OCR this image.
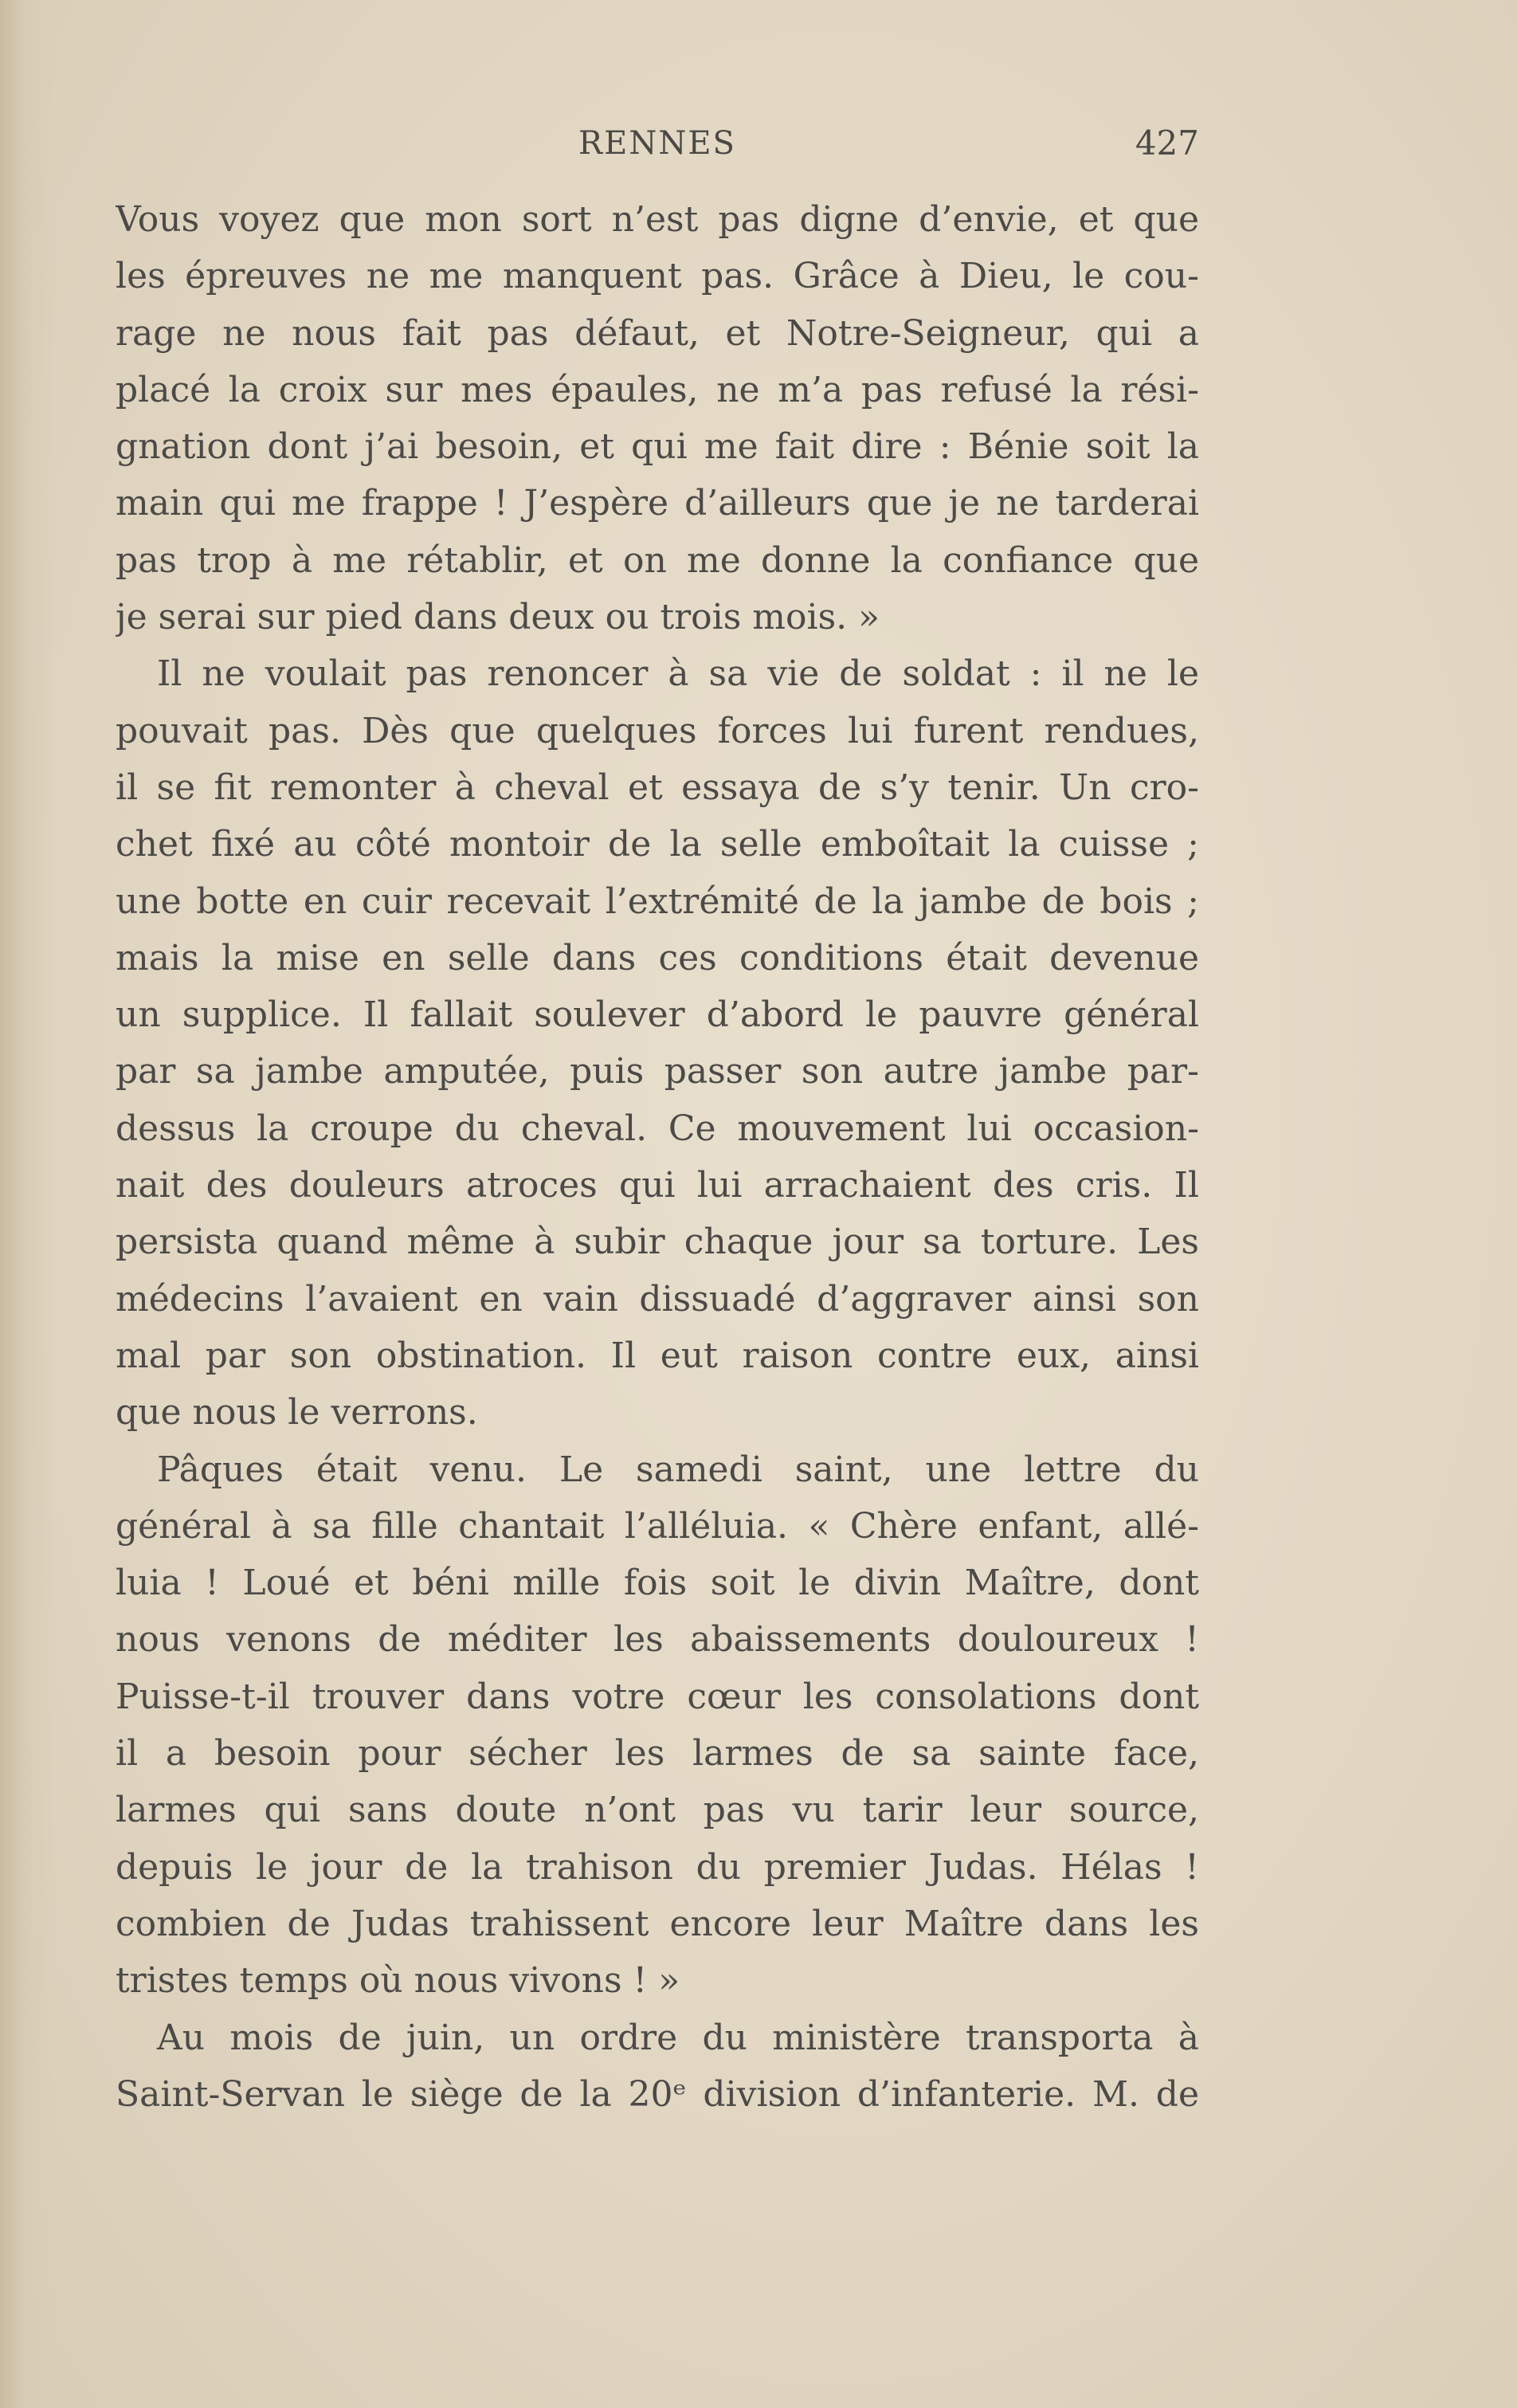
RENNES	427
Vous voyez que mon sort n’est pas digne d’envie, et que
les épreuves ne me manquent pas. Grâce à Dieu, le cou-
rage ne nous fait pas défaut, et Notre-Seigneur, qui a
placé la croix sur mes épaules, ne m’a pas refusé la rési-
gnation dont j’ai besoin, et qui me fait dire : Bénie soit la
main qui me frappe ! J’espère d’ailleurs que je ne tarderai
pas trop à me rétablir, et on me donne la confiance que
je serai sur pied dans deux ou trois mois. »
Il ne voulait pas renoncer à sa vie de soldat : il ne le
pouvait pas. Dès que quelques forces lui furent rendues,
il se fit remonter à cheval et essaya de s’y tenir. Un cro-
chet fixé au côté montoir de la selle emboîtait la cuisse ;
une botte en cuir recevait l’extrémité de la jambe de bois ;
mais la mise en selle dans ces conditions était devenue
un supplice. Il fallait soulever d’abord le pauvre général
par sa jambe amputée, puis passer son autre jambe par-
dessus la croupe du cheval. Ce mouvement lui occasion-
nait des douleurs atroces qui lui arrachaient des cris. Il
persista quand même à subir chaque jour sa torture. Les
médecins l’avaient en vain dissuadé d’aggraver ainsi son
mal par son obstination. Il eut raison contre eux, ainsi
que nous le verrons.
Pâques était venu. Le samedi saint, une lettre du
général à sa fille chantait l’alléluia. « Chère enfant, allé-
luia ! Loué et béni mille fois soit le divin Maître, dont
nous venons de méditer les abaissements douloureux !
Puisse-t-il trouver dans votre cœur les consolations dont
il a besoin pour sécher les larmes de sa sainte face,
larmes qui sans doute n’ont pas vu tarir leur source,
depuis le jour de la trahison du premier Judas. Hélas !
combien de Judas trahissent encore leur Maître dans les
tristes temps où nous vivons ! »
Au mois de juin, un ordre du ministère transporta à
Saint-Servan le siège de la 20ᵉ division d’infanterie. M. de
